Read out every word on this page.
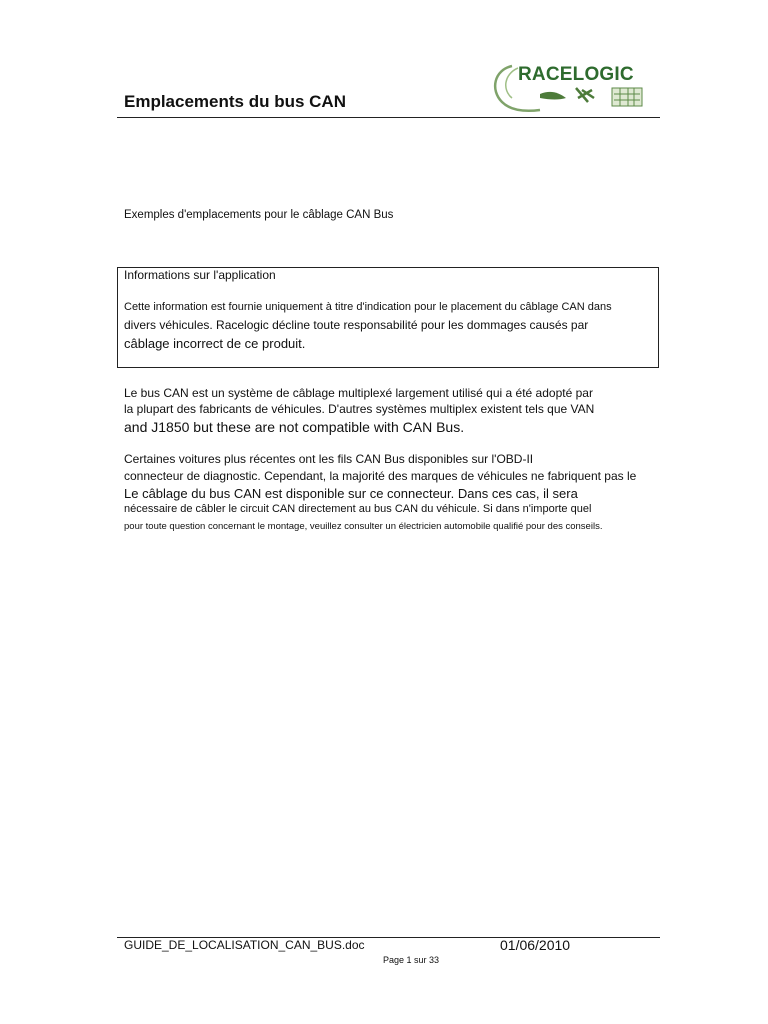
Emplacements du bus CAN
RACELOGIC
Exemples d'emplacements pour le câblage CAN Bus
Informations sur l'application
Cette information est fournie uniquement à titre d'indication pour le placement du câblage CAN dans
divers véhicules. Racelogic décline toute responsabilité pour les dommages causés par
câblage incorrect de ce produit.
Le bus CAN est un système de câblage multiplexé largement utilisé qui a été adopté par
la plupart des fabricants de véhicules. D'autres systèmes multiplex existent tels que VAN
and J1850 but these are not compatible with CAN Bus.
Certaines voitures plus récentes ont les fils CAN Bus disponibles sur l'OBD-II
connecteur de diagnostic. Cependant, la majorité des marques de véhicules ne fabriquent pas le
Le câblage du bus CAN est disponible sur ce connecteur. Dans ces cas, il sera
nécessaire de câbler le circuit CAN directement au bus CAN du véhicule. Si dans n'importe quel
pour toute question concernant le montage, veuillez consulter un électricien automobile qualifié pour des conseils.
GUIDE_DE_LOCALISATION_CAN_BUS.doc	01/06/2010
Page 1 sur 33
